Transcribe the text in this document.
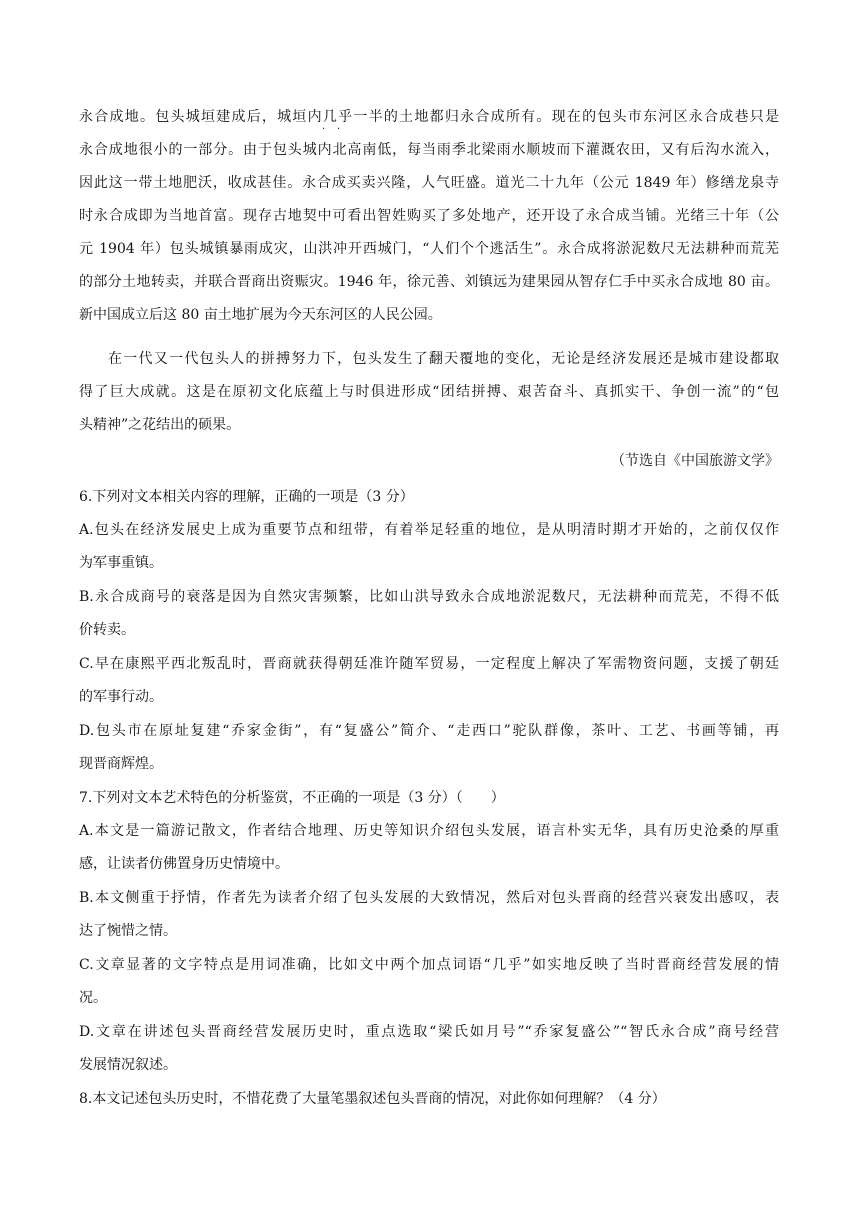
永合成地。包头城垣建成后，城垣内几乎一半的土地都归永合成所有。现在的包头市东河区永合成巷只是
永合成地很小的一部分。由于包头城内北高南低，每当雨季北梁雨水顺坡而下灌溉农田，又有后沟水流入，
因此这一带土地肥沃，收成甚佳。永合成买卖兴隆，人气旺盛。道光二十九年（公元 1849 年）修缮龙泉寺
时永合成即为当地首富。现存古地契中可看出智姓购买了多处地产，还开设了永合成当铺。光绪三十年（公
元 1904 年）包头城镇暴雨成灾，山洪冲开西城门，“人们个个逃活生”。永合成将淤泥数尺无法耕种而荒芜
的部分土地转卖，并联合晋商出资赈灾。1946 年，徐元善、刘镇远为建果园从智存仁手中买永合成地 80 亩。
新中国成立后这 80 亩土地扩展为今天东河区的人民公园。
· ·
在一代又一代包头人的拼搏努力下，包头发生了翻天覆地的变化，无论是经济发展还是城市建设都取
得了巨大成就。这是在原初文化底蕴上与时俱进形成“团结拼搏、艰苦奋斗、真抓实干、争创一流”的“包
头精神”之花结出的硕果。
（节选自《中国旅游文学》
6.下列对文本相关内容的理解，正确的一项是（3 分）
A.包头在经济发展史上成为重要节点和纽带，有着举足轻重的地位，是从明清时期才开始的，之前仅仅作
为军事重镇。
B.永合成商号的衰落是因为自然灾害频繁，比如山洪导致永合成地淤泥数尺，无法耕种而荒芜，不得不低
价转卖。
C.早在康熙平西北叛乱时，晋商就获得朝廷准许随军贸易，一定程度上解决了军需物资问题，支援了朝廷
的军事行动。
D.包头市在原址复建“乔家金街”，有“复盛公”简介、“走西口”驼队群像，茶叶、工艺、书画等铺，再
现晋商辉煌。
7.下列对文本艺术特色的分析鉴赏，不正确的一项是（3 分）（　　）
A.本文是一篇游记散文，作者结合地理、历史等知识介绍包头发展，语言朴实无华，具有历史沧桑的厚重
感，让读者仿佛置身历史情境中。
B.本文侧重于抒情，作者先为读者介绍了包头发展的大致情况，然后对包头晋商的经营兴衰发出感叹，表
达了惋惜之情。
C.文章显著的文字特点是用词准确，比如文中两个加点词语“几乎”如实地反映了当时晋商经营发展的情
况。
D.文章在讲述包头晋商经营发展历史时，重点选取“梁氏如月号”“乔家复盛公”“智氏永合成”商号经营
发展情况叙述。
8.本文记述包头历史时，不惜花费了大量笔墨叙述包头晋商的情况，对此你如何理解？（4 分）
